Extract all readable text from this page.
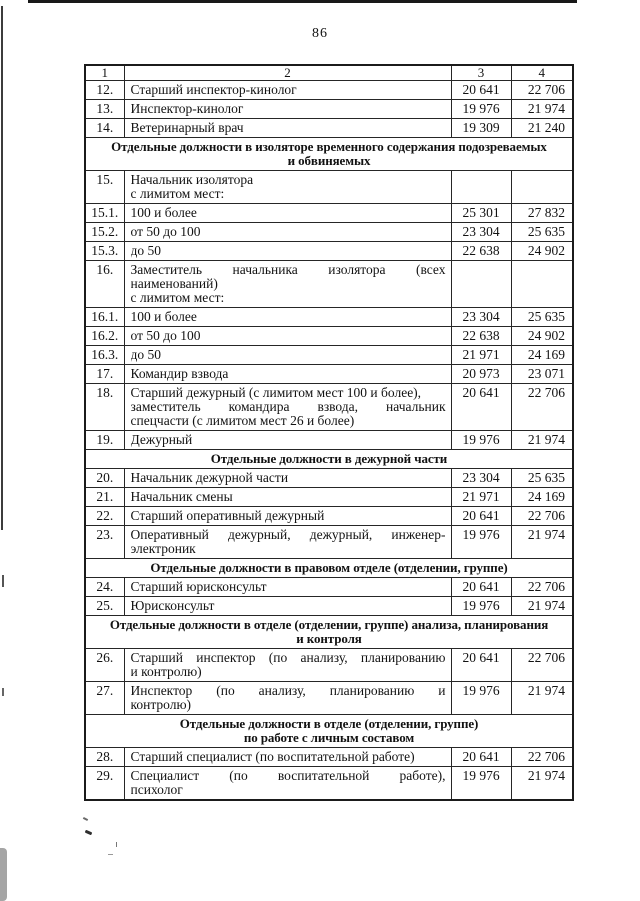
86
1	2	3	4
12.	Старший инспектор-кинолог	20 641	22 706
13.	Инспектор-кинолог	19 976	21 974
14.	Ветеринарный врач	19 309	21 240

Отдельные должности в изоляторе временного содержания подозреваемых
и обвиняемых			

15.	Начальник изолятора
с лимитом мест:		

15.1.	100 и более	25 301	27 832
15.2.	от 50 до 100	23 304	25 635
15.3.	до 50	22 638	24 902
16.	Заместитель начальника изолятора (всех
наименований)
с лимитом мест:		

16.1.	100 и более	23 304	25 635
16.2.	от 50 до 100	22 638	24 902
16.3.	до 50	21 971	24 169
17.	Командир взвода	20 973	23 071
18.	Старший дежурный (с лимитом мест 100 и более),
заместитель командира взвода, начальник
спецчасти (с лимитом мест 26 и более)	20 641	22 706
19.	Дежурный	19 976	21 974

Отдельные должности в дежурной части			

20.	Начальник дежурной части	23 304	25 635
21.	Начальник смены	21 971	24 169
22.	Старший оперативный дежурный	20 641	22 706
23.	Оперативный дежурный, дежурный, инженер-
электроник	19 976	21 974

Отдельные должности в правовом отделе (отделении, группе)			

24.	Старший юрисконсульт	20 641	22 706
25.	Юрисконсульт	19 976	21 974

Отдельные должности в отделе (отделении, группе) анализа, планирования
и контроля			

26.	Старший инспектор (по анализу, планированию
и контролю)	20 641	22 706
27.	Инспектор (по анализу, планированию и
контролю)	19 976	21 974

Отдельные должности в отделе (отделении, группе)
по работе с личным составом			

28.	Старший специалист (по воспитательной работе)	20 641	22 706
29.	Специалист (по воспитательной работе),
психолог	19 976	21 974
